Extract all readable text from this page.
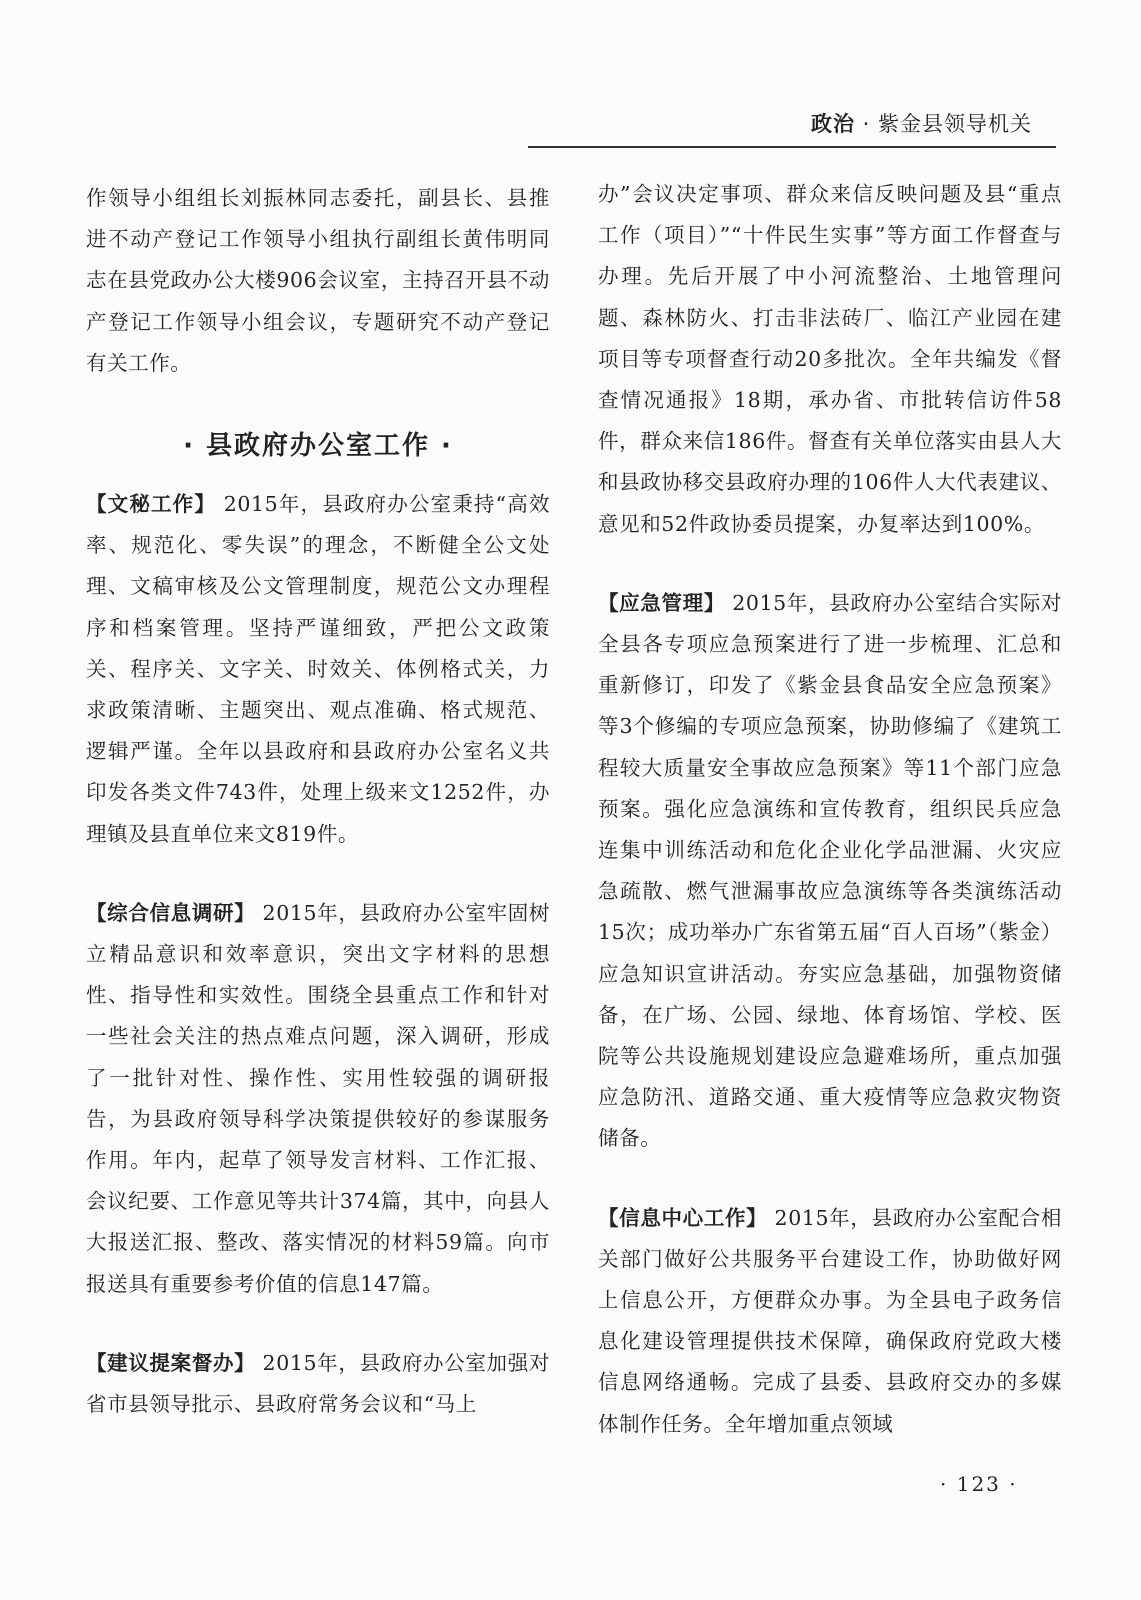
政治 · 紫金县领导机关

作领导小组组长刘振林同志委托，副县长、县推进不动产登记工作领导小组执行副组长黄伟明同志在县党政办公大楼906会议室，主持召开县不动产登记工作领导小组会议，专题研究不动产登记有关工作。

· 县政府办公室工作 ·

【文秘工作】 2015年，县政府办公室秉持“高效率、规范化、零失误”的理念，不断健全公文处理、文稿审核及公文管理制度，规范公文办理程序和档案管理。坚持严谨细致，严把公文政策关、程序关、文字关、时效关、体例格式关，力求政策清晰、主题突出、观点准确、格式规范、逻辑严谨。全年以县政府和县政府办公室名义共印发各类文件743件，处理上级来文1252件，办理镇及县直单位来文819件。

【综合信息调研】 2015年，县政府办公室牢固树立精品意识和效率意识，突出文字材料的思想性、指导性和实效性。围绕全县重点工作和针对一些社会关注的热点难点问题，深入调研，形成了一批针对性、操作性、实用性较强的调研报告，为县政府领导科学决策提供较好的参谋服务作用。年内，起草了领导发言材料、工作汇报、会议纪要、工作意见等共计374篇，其中，向县人大报送汇报、整改、落实情况的材料59篇。向市报送具有重要参考价值的信息147篇。

【建议提案督办】 2015年，县政府办公室加强对省市县领导批示、县政府常务会议和“马上

办”会议决定事项、群众来信反映问题及县“重点工作（项目）”“十件民生实事”等方面工作督查与办理。先后开展了中小河流整治、土地管理问题、森林防火、打击非法砖厂、临江产业园在建项目等专项督查行动20多批次。全年共编发《督查情况通报》18期，承办省、市批转信访件58件，群众来信186件。督查有关单位落实由县人大和县政协移交县政府办理的106件人大代表建议、意见和52件政协委员提案，办复率达到100%。

【应急管理】 2015年，县政府办公室结合实际对全县各专项应急预案进行了进一步梳理、汇总和重新修订，印发了《紫金县食品安全应急预案》等3个修编的专项应急预案，协助修编了《建筑工程较大质量安全事故应急预案》等11个部门应急预案。强化应急演练和宣传教育，组织民兵应急连集中训练活动和危化企业化学品泄漏、火灾应急疏散、燃气泄漏事故应急演练等各类演练活动15次；成功举办广东省第五届“百人百场”（紫金）应急知识宣讲活动。夯实应急基础，加强物资储备，在广场、公园、绿地、体育场馆、学校、医院等公共设施规划建设应急避难场所，重点加强应急防汛、道路交通、重大疫情等应急救灾物资储备。

【信息中心工作】 2015年，县政府办公室配合相关部门做好公共服务平台建设工作，协助做好网上信息公开，方便群众办事。为全县电子政务信息化建设管理提供技术保障，确保政府党政大楼信息网络通畅。完成了县委、县政府交办的多媒体制作任务。全年增加重点领域

· 123 ·
